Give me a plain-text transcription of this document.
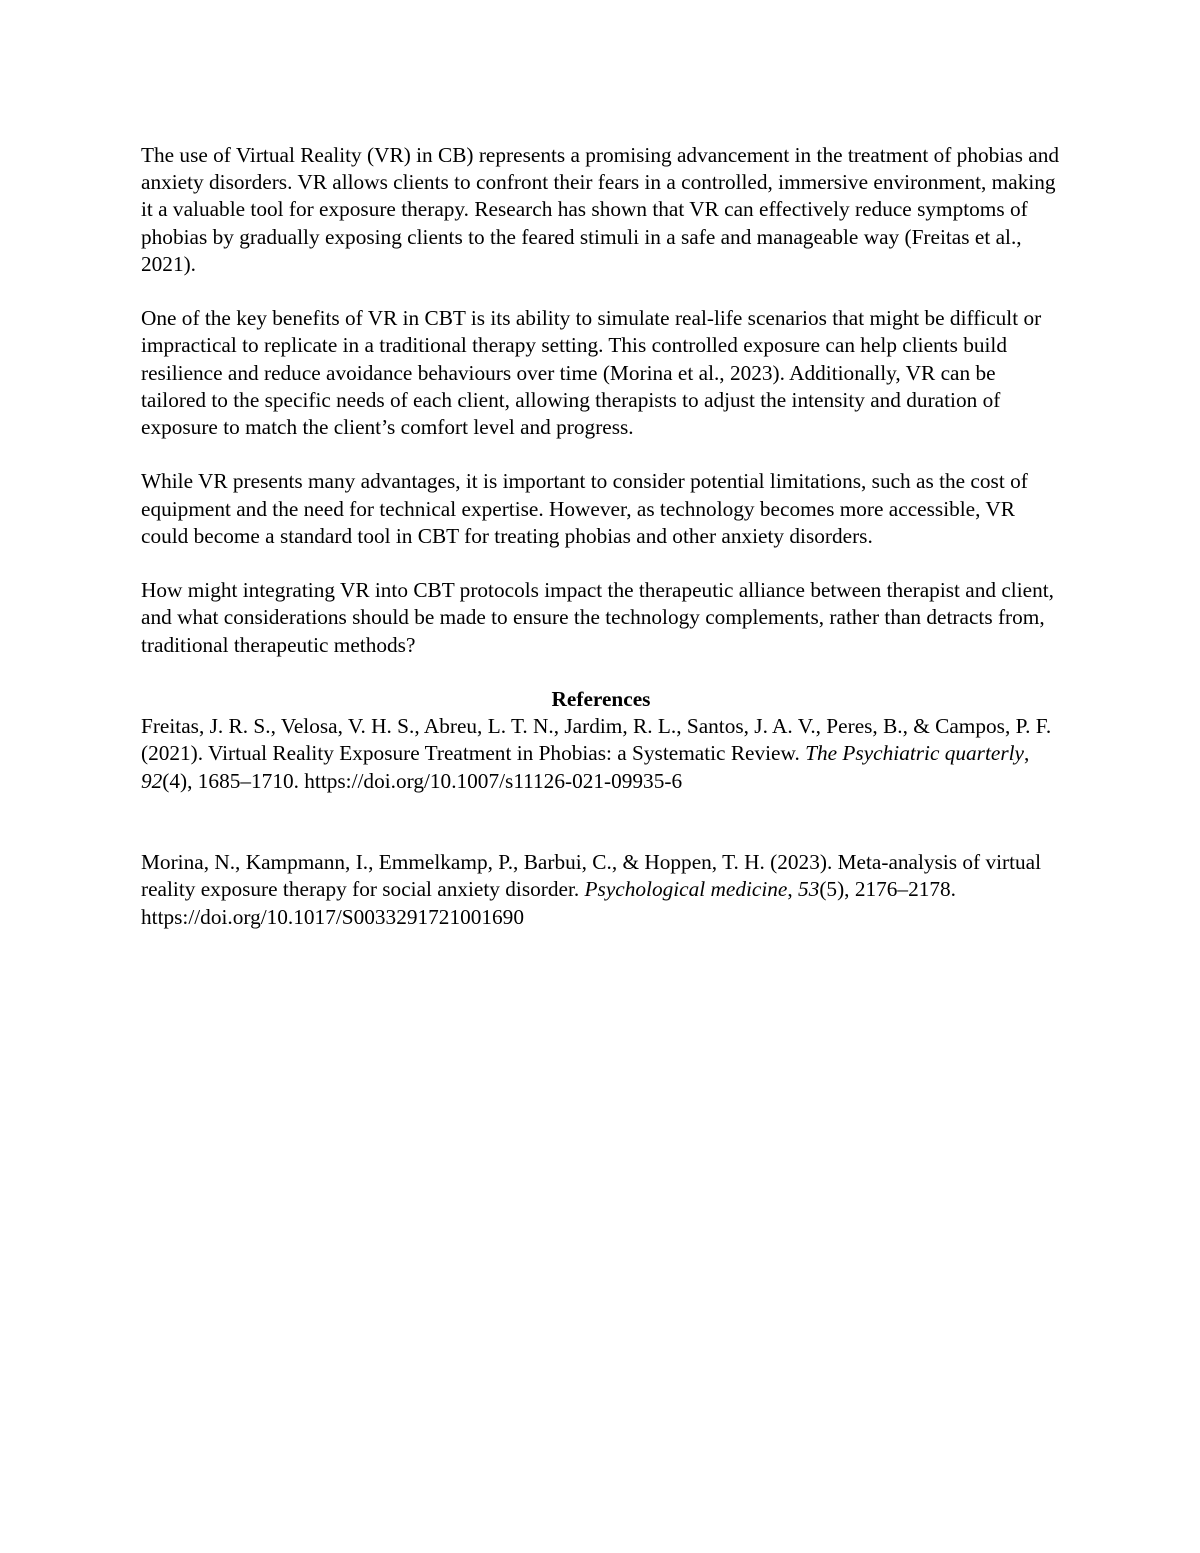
The use of Virtual Reality (VR) in CB) represents a promising advancement in the treatment of phobias and anxiety disorders. VR allows clients to confront their fears in a controlled, immersive environment, making it a valuable tool for exposure therapy. Research has shown that VR can effectively reduce symptoms of phobias by gradually exposing clients to the feared stimuli in a safe and manageable way (Freitas et al., 2021).

One of the key benefits of VR in CBT is its ability to simulate real-life scenarios that might be difficult or impractical to replicate in a traditional therapy setting. This controlled exposure can help clients build resilience and reduce avoidance behaviours over time (Morina et al., 2023). Additionally, VR can be tailored to the specific needs of each client, allowing therapists to adjust the intensity and duration of exposure to match the client’s comfort level and progress.

While VR presents many advantages, it is important to consider potential limitations, such as the cost of equipment and the need for technical expertise. However, as technology becomes more accessible, VR could become a standard tool in CBT for treating phobias and other anxiety disorders.

How might integrating VR into CBT protocols impact the therapeutic alliance between therapist and client, and what considerations should be made to ensure the technology complements, rather than detracts from, traditional therapeutic methods?

References

Freitas, J. R. S., Velosa, V. H. S., Abreu, L. T. N., Jardim, R. L., Santos, J. A. V., Peres, B., & Campos, P. F. (2021). Virtual Reality Exposure Treatment in Phobias: a Systematic Review. The Psychiatric quarterly, 92(4), 1685–1710. https://doi.org/10.1007/s11126-021-09935-6

Morina, N., Kampmann, I., Emmelkamp, P., Barbui, C., & Hoppen, T. H. (2023). Meta-analysis of virtual reality exposure therapy for social anxiety disorder. Psychological medicine, 53(5), 2176–2178. https://doi.org/10.1017/S0033291721001690
